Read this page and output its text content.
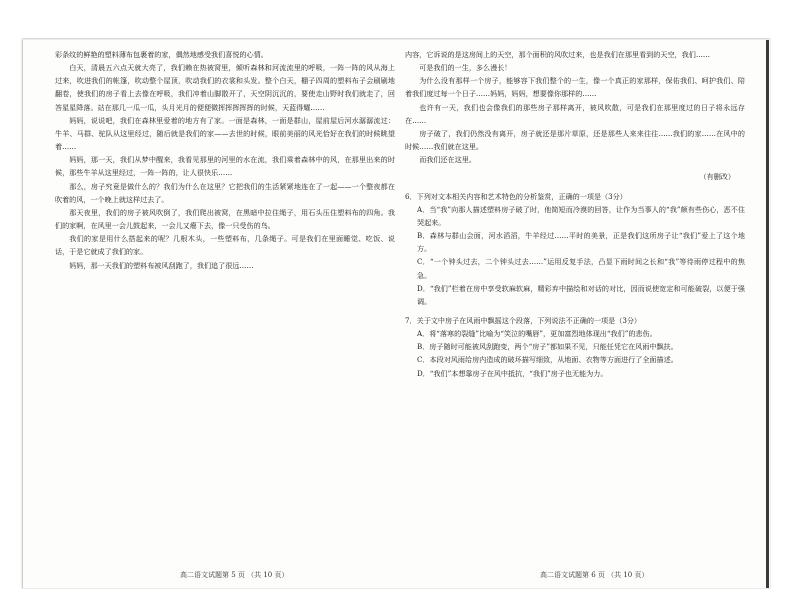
彩条纹的鲜艳的塑料薄布包裹着的家，偶然地感受我们喜悦的心情。

白天，清晨五六点天就大亮了，我们赖在热被窝里，倾听森林和河流流里的呼吸，一阵一阵的风从海上过来，吹进我们的帐篷，吹动整个屋顶，吹动我们的衣裳和头发。整个白天，棚子四周的塑料布子会刷刷地翻卷，使我们的房子看上去像在呼吸，我们冲着山脚散开了，天空阴沉沉的，要使走山野时我们就走了，回答星星降落。站在那几一瓜一瓜，头月光月的便便微挥挥挥挥挥的时候，天蓝得耀……

妈妈，说说吧，我们在森林里爱着的地方有了家。一面是森林，一面是群山，屋前屋后河水潺潺流过：牛羊、马群、驼队从这里经过，随后就是我们的家——去世的时候，眼前美丽的风光恰好在我们的时候眺望着……

妈妈，那一天，我们从梦中醒来，我看见那里的河里的水在流，我们乘着森林中的风，在那里出来的时候，那些牛羊从这里经过，一阵一阵的，让人很快乐……

那么，房子究竟是做什么的？我们为什么在这里？它把我们的生活紧紧地连在了一起——一个整夜都在吹着的风，一个晚上就这样过去了。

那天夜里，我们的房子被风吹倒了，我们爬出被窝，在黑暗中拉住绳子，用石头压住塑料布的四角。我们的家啊，在风里一会儿鼓起来，一会儿又瘪下去，像一只受伤的鸟。

我们的家是用什么搭起来的呢？几根木头，一些塑料布，几条绳子。可是我们在里面睡觉、吃饭、说话，于是它就成了我们的家。

妈妈，那一天我们的塑料布被风刮跑了，我们追了很远……

内容，它诉说的是这房间上的天空，那个面积的风吹过来，也是我们在那里看到的天空，我们……

可是我们的一生，多么漫长！

为什么没有那样一个房子，能够容下我们整个的一生，像一个真正的家那样，保佑我们、呵护我们、陪着我们度过每一个日子……妈妈，妈妈，想要像你那样的……

也许有一天，我们也会像我们的那些房子那样离开，被风吹散，可是我们在那里度过的日子将永远存在……

房子破了，我们仍然没有离开，房子就还是那片草原，还是那些人来来往往……我们的家……在风中的时候……我们就在这里。

而我们还在这里。

（有删改）
6．下列对文本相关内容和艺术特色的分析鉴赏，正确的一项是（3分）
A．当“我”向那人描述塑料房子破了时，他简短而冷漠的回答，让作为当事人的“我”颇有些伤心，恶不住哭起来。
B．森林与群山会面，河水滔滔，牛羊经过……平时的美景，正是我们这所房子让“我们”爱上了这个地方。
C．“一个钟头过去，二个钟头过去……”运用反复手法，凸显下雨时间之长和“我”等待雨停过程中的焦急。
D．“我们”栏着在房中享受软麻软麻，精彩弃中描绘和对话的对比，因而说使宽定和可能破裂，以便于强调。
7．关于文中房子在风雨中飘摇这个段落，下列说法不正确的一项是（3分）
A．将“落寒的裂缝”比喻为“笑泣的嘴唇”，更加富烈地体现出“我们”的悲伤。
B．房子随时可能被风刮跑变，两个“房子”都如果不见，只能任凭它在风雨中飘扶。
C．本段对风雨给房内造成的破坏描写细致，从地面、衣物等方面进行了全面描述。
D．“我们”本想靠房子在风中抵抗，“我们”房子也无能为力。
高二语文试题第 5 页 （共 10 页）	高二语文试题第 6 页 （共 10 页）
